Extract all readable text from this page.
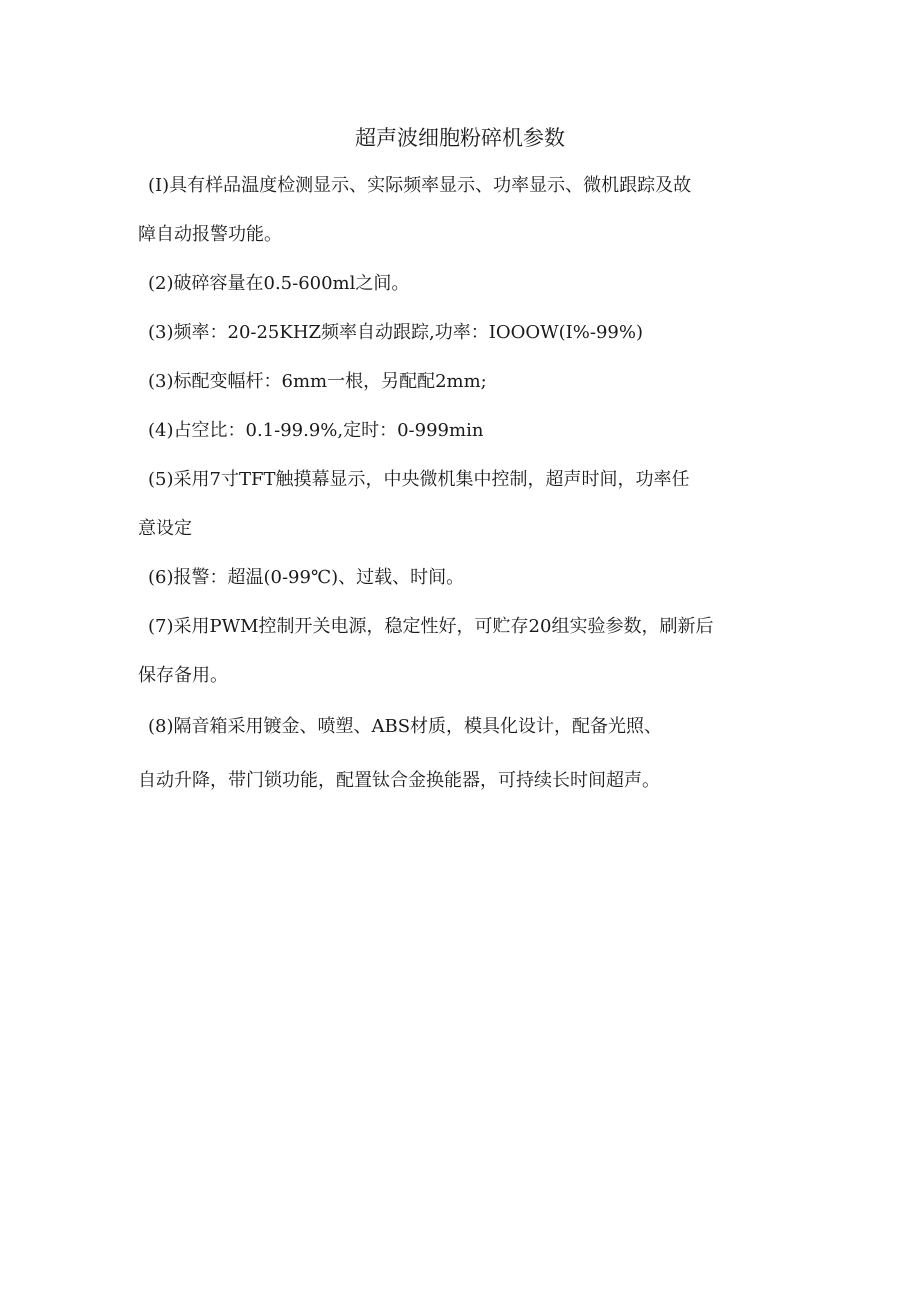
超声波细胞粉碎机参数
(I)具有样品温度检测显示、实际频率显示、功率显示、微机跟踪及故
障自动报警功能。
(2)破碎容量在0.5-600ml之间。
(3)频率：20-25KHZ频率自动跟踪,功率：IOOOW(I%-99%)
(3)标配变幅杆：6mm一根，另配配2mm;
(4)占空比：0.1-99.9%,定时：0-999min
(5)采用7寸TFT触摸幕显示，中央微机集中控制，超声时间，功率任
意设定
(6)报警：超温(0-99℃)、过载、时间。
(7)采用PWM控制开关电源，稳定性好，可贮存20组实验参数，刷新后
保存备用。
(8)隔音箱采用镀金、喷塑、ABS材质，模具化设计，配备光照、
自动升降，带门锁功能，配置钛合金换能器，可持续长时间超声。
